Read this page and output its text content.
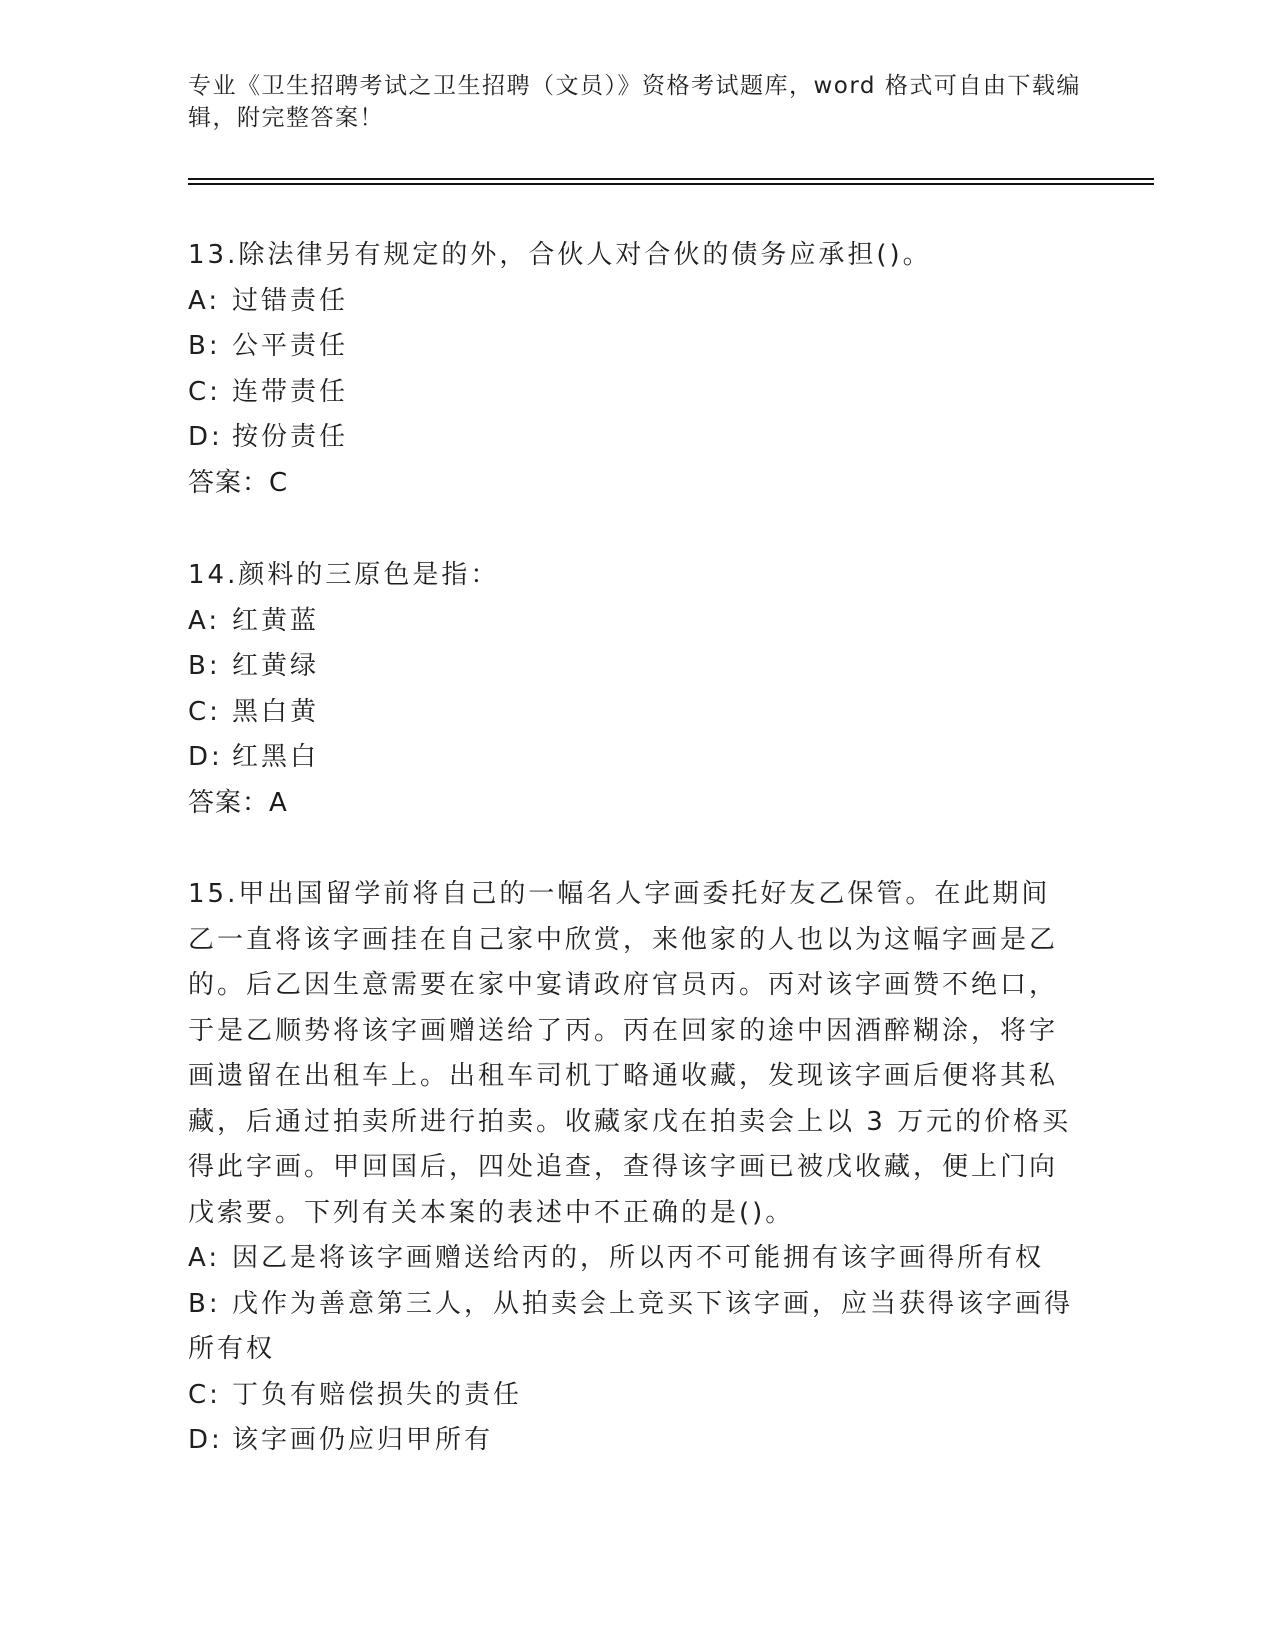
专业《卫生招聘考试之卫生招聘（文员）》资格考试题库，word 格式可自由下载编辑，附完整答案！
13.除法律另有规定的外，合伙人对合伙的债务应承担()。
A: 过错责任
B: 公平责任
C: 连带责任
D: 按份责任
答案：C
14.颜料的三原色是指：
A: 红黄蓝
B: 红黄绿
C: 黑白黄
D: 红黑白
答案：A
15.甲出国留学前将自己的一幅名人字画委托好友乙保管。在此期间乙一直将该字画挂在自己家中欣赏，来他家的人也以为这幅字画是乙的。后乙因生意需要在家中宴请政府官员丙。丙对该字画赞不绝口，于是乙顺势将该字画赠送给了丙。丙在回家的途中因酒醉糊涂，将字画遗留在出租车上。出租车司机丁略通收藏，发现该字画后便将其私藏，后通过拍卖所进行拍卖。收藏家戊在拍卖会上以 3 万元的价格买得此字画。甲回国后，四处追查，查得该字画已被戊收藏，便上门向戊索要。下列有关本案的表述中不正确的是()。
A: 因乙是将该字画赠送给丙的，所以丙不可能拥有该字画得所有权
B: 戊作为善意第三人，从拍卖会上竞买下该字画，应当获得该字画得所有权
C: 丁负有赔偿损失的责任
D: 该字画仍应归甲所有
